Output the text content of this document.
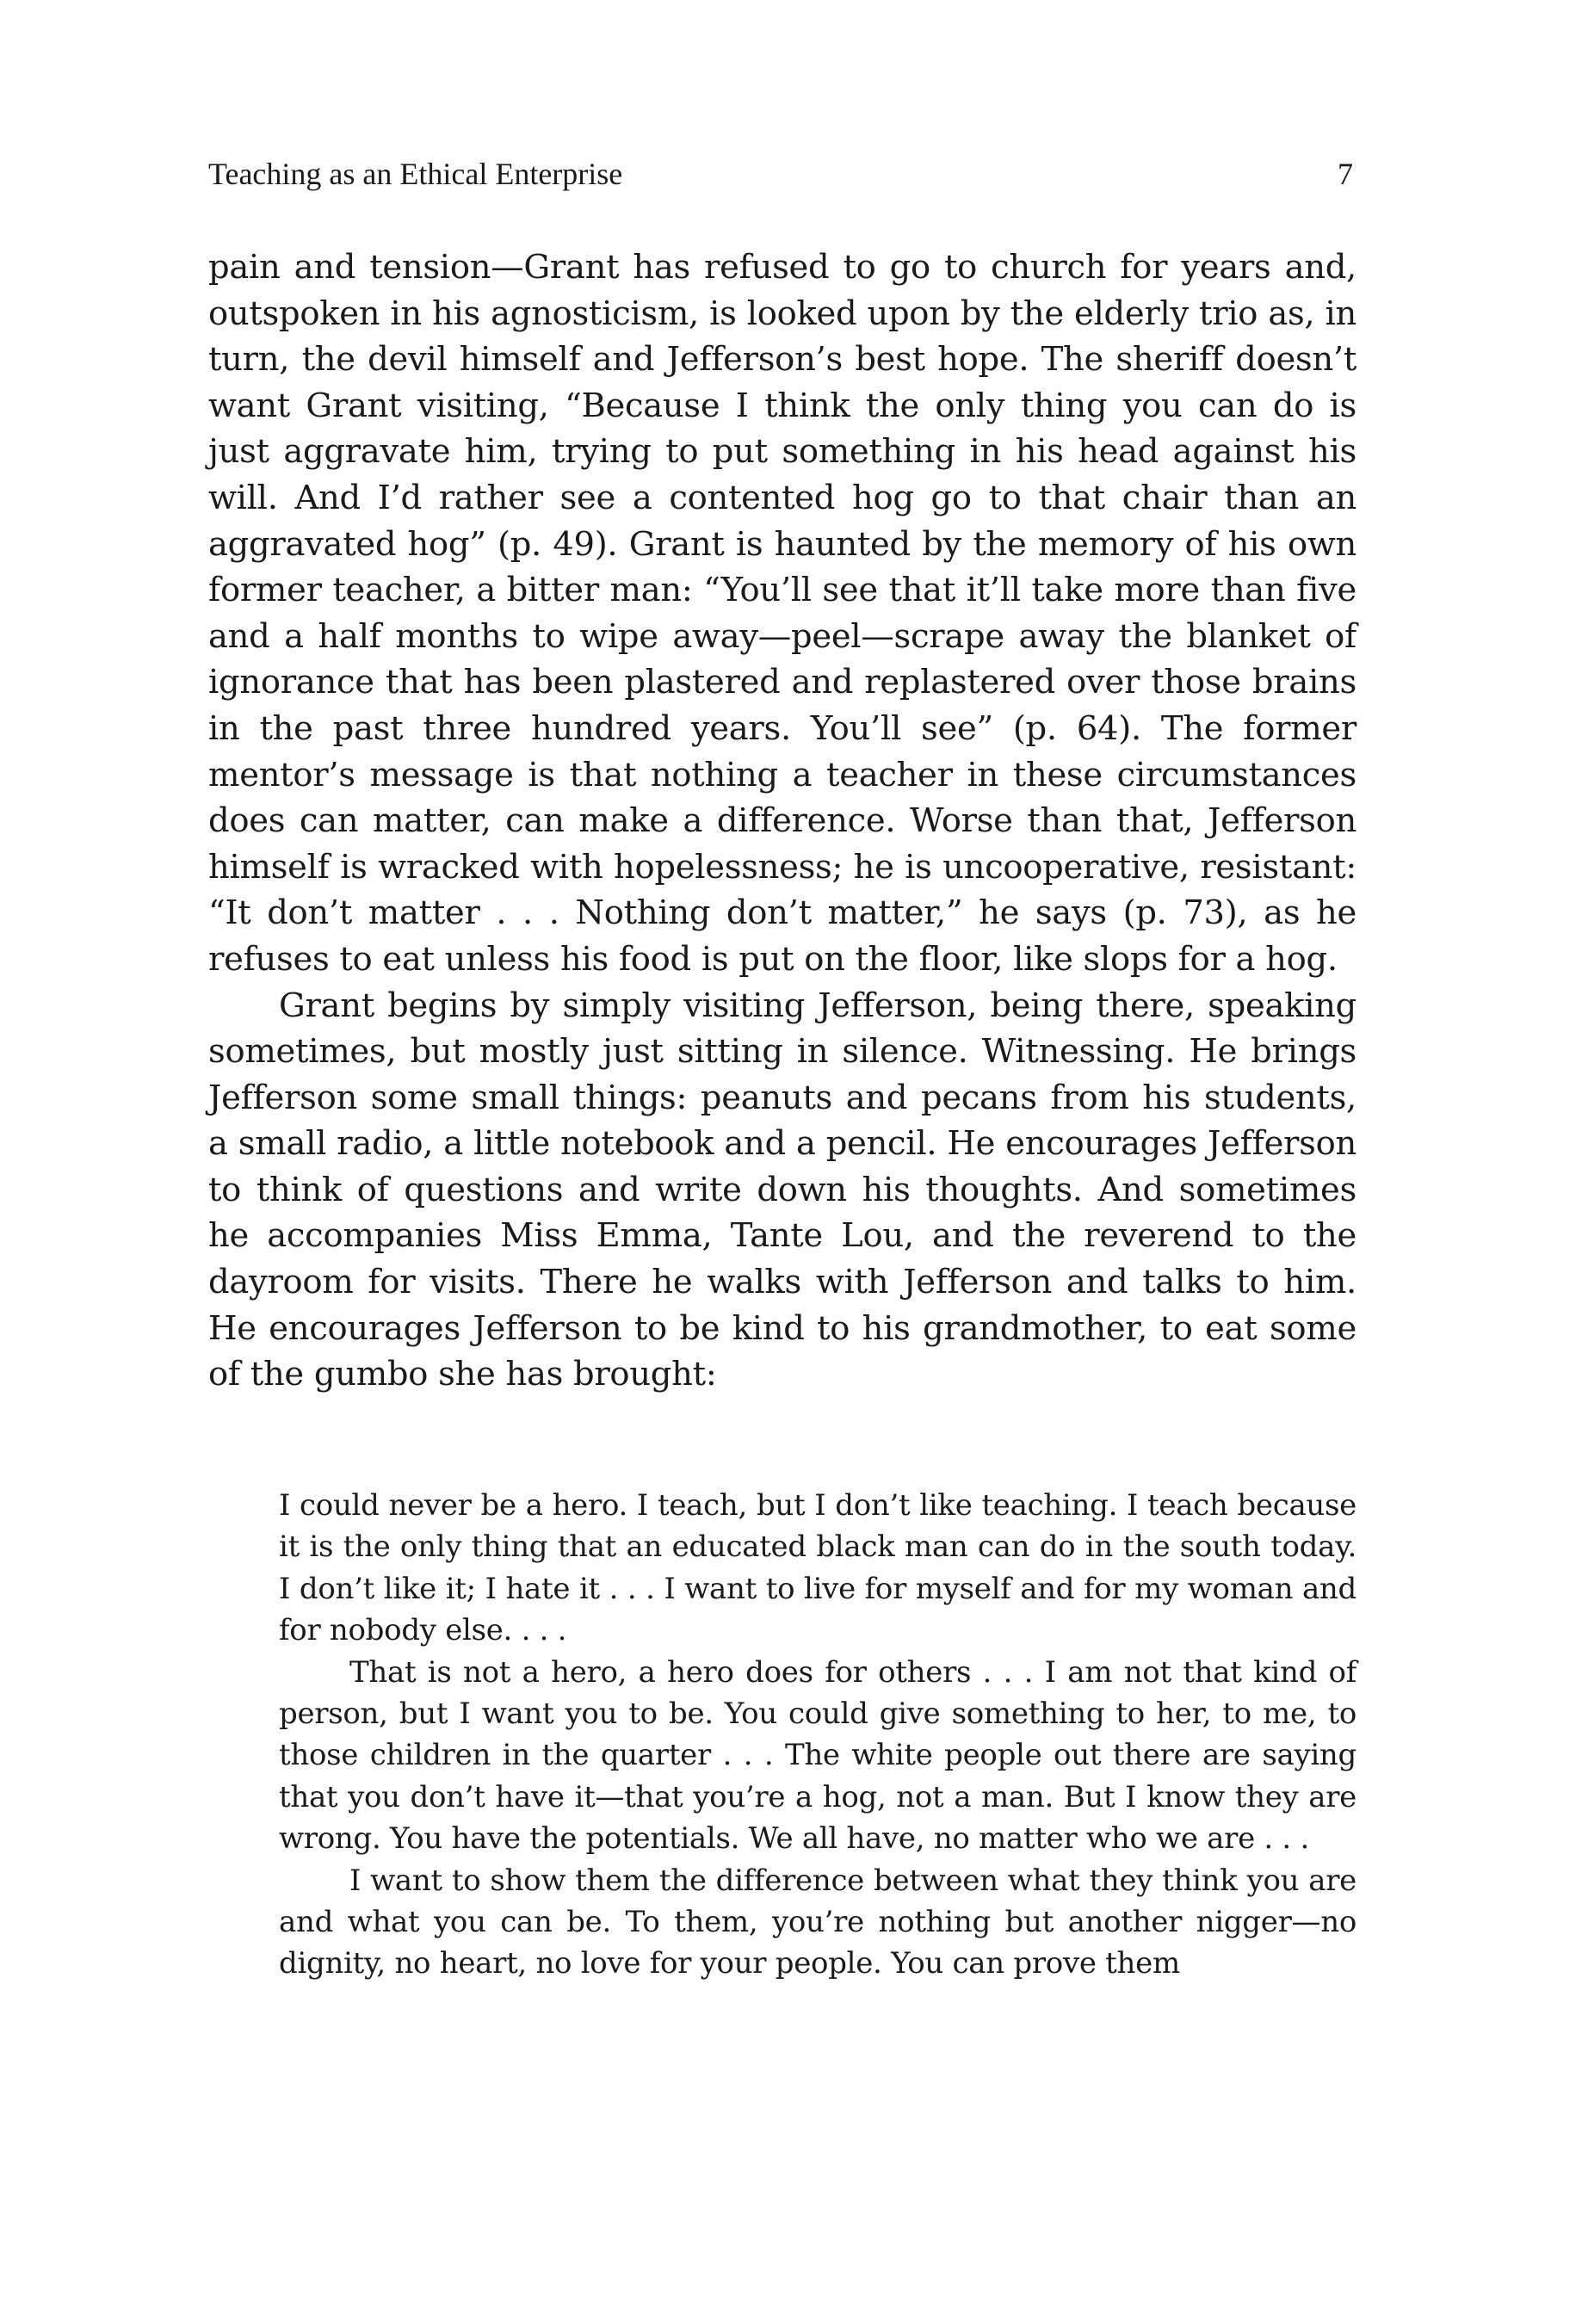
Teaching as an Ethical Enterprise	7

pain and tension—Grant has refused to go to church for years and, outspoken in his agnosticism, is looked upon by the elderly trio as, in turn, the devil himself and Jefferson’s best hope. The sheriff doesn’t want Grant visiting, “Because I think the only thing you can do is just aggravate him, trying to put something in his head against his will. And I’d rather see a contented hog go to that chair than an aggravated hog” (p. 49). Grant is haunted by the memory of his own former teacher, a bitter man: “You’ll see that it’ll take more than five and a half months to wipe away—peel—scrape away the blanket of ignorance that has been plastered and replastered over those brains in the past three hundred years. You’ll see” (p. 64). The former mentor’s message is that nothing a teacher in these circumstances does can matter, can make a difference. Worse than that, Jefferson himself is wracked with hopelessness; he is uncooperative, resistant: “It don’t matter . . . Nothing don’t matter,” he says (p. 73), as he refuses to eat unless his food is put on the floor, like slops for a hog.

Grant begins by simply visiting Jefferson, being there, speaking sometimes, but mostly just sitting in silence. Witnessing. He brings Jefferson some small things: peanuts and pecans from his students, a small radio, a little notebook and a pencil. He encourages Jefferson to think of questions and write down his thoughts. And sometimes he accompanies Miss Emma, Tante Lou, and the reverend to the dayroom for visits. There he walks with Jefferson and talks to him. He encourages Jefferson to be kind to his grandmother, to eat some of the gumbo she has brought:

I could never be a hero. I teach, but I don’t like teaching. I teach because it is the only thing that an educated black man can do in the south today. I don’t like it; I hate it . . . I want to live for myself and for my woman and for nobody else. . . .

That is not a hero, a hero does for others . . . I am not that kind of person, but I want you to be. You could give something to her, to me, to those children in the quarter . . . The white people out there are saying that you don’t have it—that you’re a hog, not a man. But I know they are wrong. You have the potentials. We all have, no matter who we are . . .

I want to show them the difference between what they think you are and what you can be. To them, you’re nothing but another nigger—no dignity, no heart, no love for your people. You can prove them
